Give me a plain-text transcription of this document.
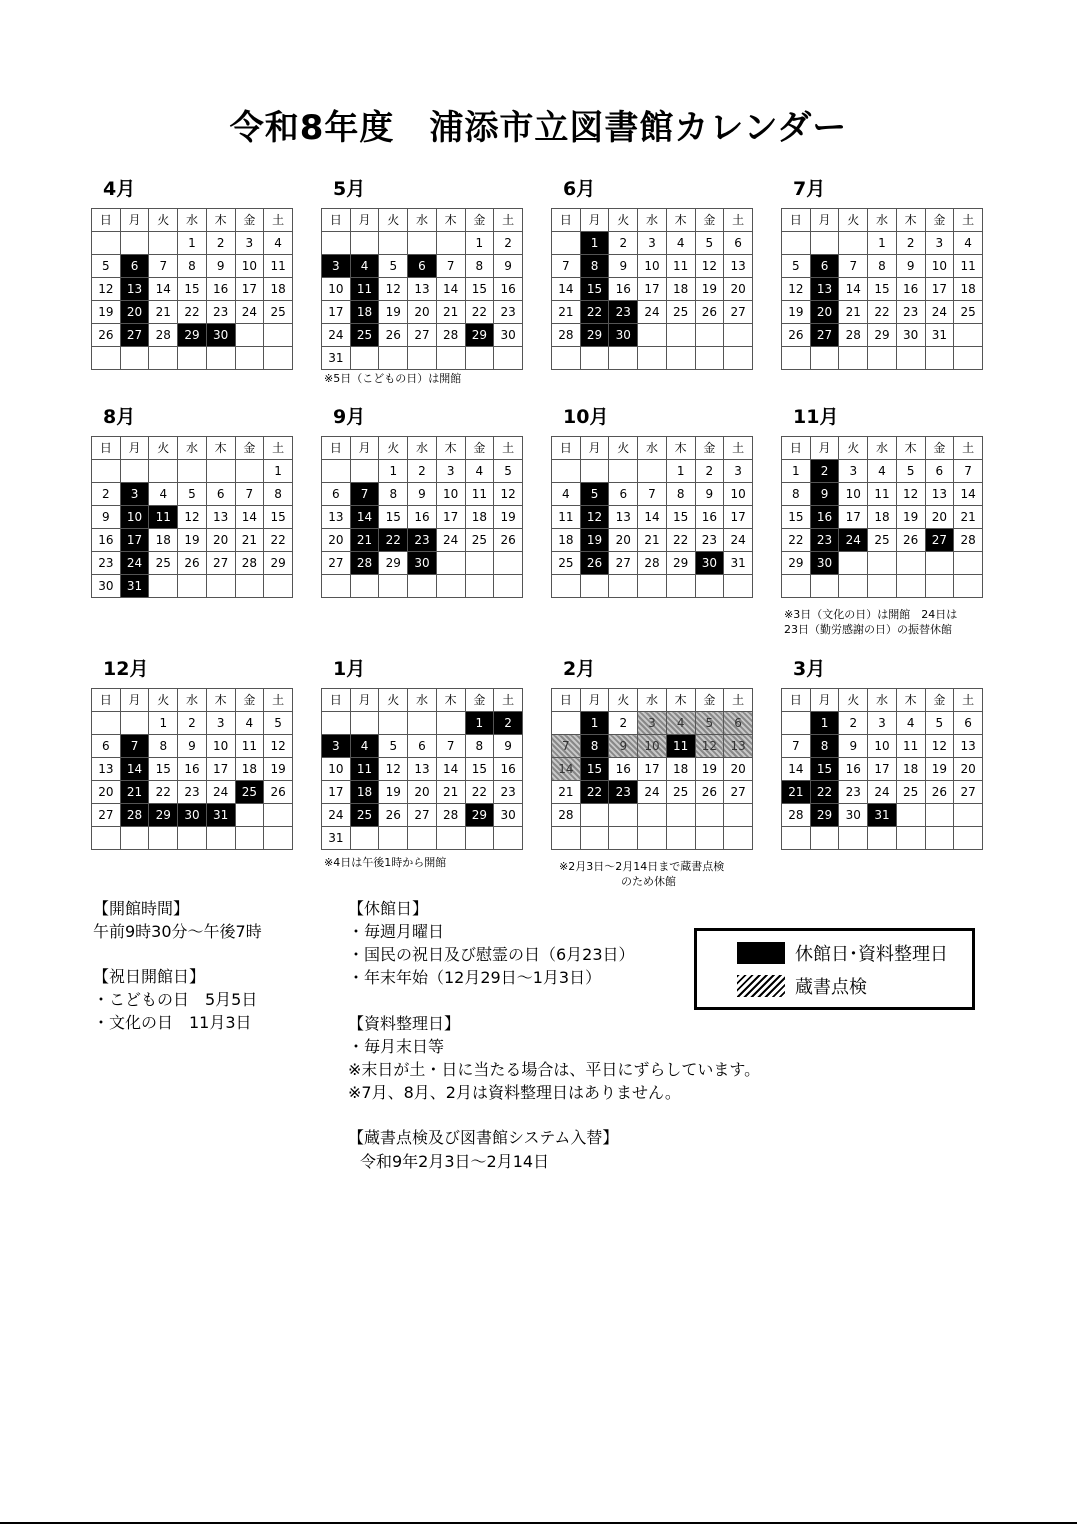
令和8年度　浦添市立図書館カレンダー
4月
日	月	火	水	木	金	土
			1	2	3	4
5	6	7	8	9	10	11
12	13	14	15	16	17	18
19	20	21	22	23	24	25
26	27	28	29	30		

5月
日	月	火	水	木	金	土
					1	2
3	4	5	6	7	8	9
10	11	12	13	14	15	16
17	18	19	20	21	22	23
24	25	26	27	28	29	30
31						
6月
日	月	火	水	木	金	土
	1	2	3	4	5	6
7	8	9	10	11	12	13
14	15	16	17	18	19	20
21	22	23	24	25	26	27
28	29	30				

7月
日	月	火	水	木	金	土
			1	2	3	4
5	6	7	8	9	10	11
12	13	14	15	16	17	18
19	20	21	22	23	24	25
26	27	28	29	30	31	

8月
日	月	火	水	木	金	土
						1
2	3	4	5	6	7	8
9	10	11	12	13	14	15
16	17	18	19	20	21	22
23	24	25	26	27	28	29
30	31					
9月
日	月	火	水	木	金	土
		1	2	3	4	5
6	7	8	9	10	11	12
13	14	15	16	17	18	19
20	21	22	23	24	25	26
27	28	29	30			

10月
日	月	火	水	木	金	土
				1	2	3
4	5	6	7	8	9	10
11	12	13	14	15	16	17
18	19	20	21	22	23	24
25	26	27	28	29	30	31

11月
日	月	火	水	木	金	土
1	2	3	4	5	6	7
8	9	10	11	12	13	14
15	16	17	18	19	20	21
22	23	24	25	26	27	28
29	30					

12月
日	月	火	水	木	金	土
		1	2	3	4	5
6	7	8	9	10	11	12
13	14	15	16	17	18	19
20	21	22	23	24	25	26
27	28	29	30	31		

1月
日	月	火	水	木	金	土
					1	2
3	4	5	6	7	8	9
10	11	12	13	14	15	16
17	18	19	20	21	22	23
24	25	26	27	28	29	30
31						
2月
日	月	火	水	木	金	土
	1	2	3	4	5	6
7	8	9	10	11	12	13
14	15	16	17	18	19	20
21	22	23	24	25	26	27
28						

3月
日	月	火	水	木	金	土
	1	2	3	4	5	6
7	8	9	10	11	12	13
14	15	16	17	18	19	20
21	22	23	24	25	26	27
28	29	30	31			

※5日（こどもの日）は開館
※3日（文化の日）は開館　24日は
23日（勤労感謝の日）の振替休館
※4日は午後1時から開館	※2月3日～2月14日まで蔵書点検
のため休館
【開館時間】
午前9時30分～午後7時
【祝日開館日】
・こどもの日　5月5日
・文化の日　11月3日
【休館日】
・毎週月曜日
・国民の祝日及び慰霊の日（6月23日）
・年末年始（12月29日～1月3日）
【資料整理日】
・毎月末日等
※末日が土・日に当たる場合は、平日にずらしています。
※7月、8月、2月は資料整理日はありません。
【蔵書点検及び図書館システム入替】
令和9年2月3日～2月14日
休館日･資料整理日
蔵書点検
